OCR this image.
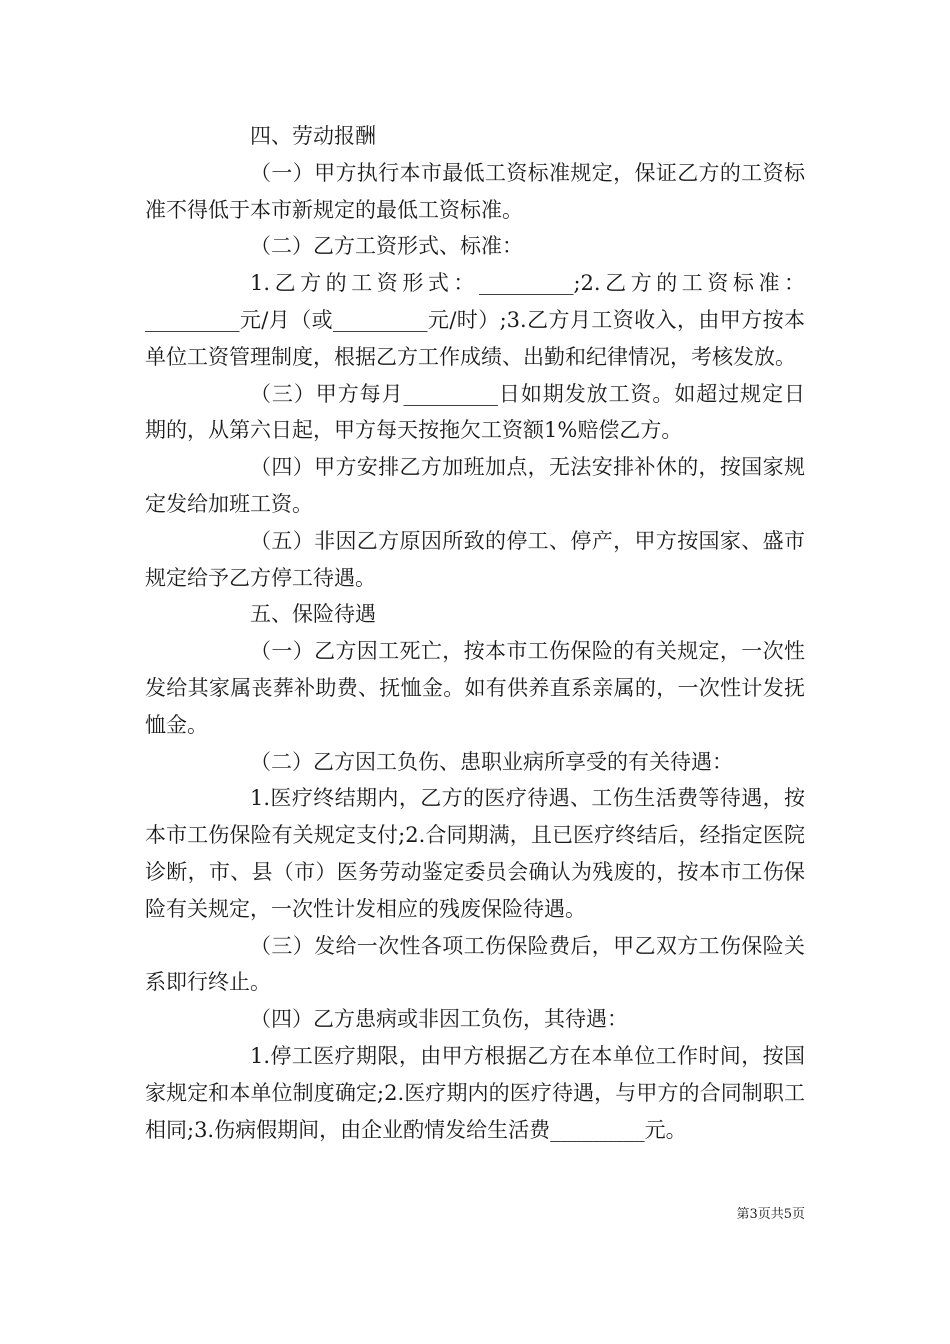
四、劳动报酬

（一）甲方执行本市最低工资标准规定，保证乙方的工资标准不得低于本市新规定的最低工资标准。

（二）乙方工资形式、标准：

1.乙方的工资形式：_________;2.乙方的工资标准：_________元/月（或_________元/时）;3.乙方月工资收入，由甲方按本单位工资管理制度，根据乙方工作成绩、出勤和纪律情况，考核发放。

（三）甲方每月_________日如期发放工资。如超过规定日期的，从第六日起，甲方每天按拖欠工资额1%赔偿乙方。

（四）甲方安排乙方加班加点，无法安排补休的，按国家规定发给加班工资。

（五）非因乙方原因所致的停工、停产，甲方按国家、盛市规定给予乙方停工待遇。

五、保险待遇

（一）乙方因工死亡，按本市工伤保险的有关规定，一次性发给其家属丧葬补助费、抚恤金。如有供养直系亲属的，一次性计发抚恤金。

（二）乙方因工负伤、患职业病所享受的有关待遇：

1.医疗终结期内，乙方的医疗待遇、工伤生活费等待遇，按本市工伤保险有关规定支付;2.合同期满，且已医疗终结后，经指定医院诊断，市、县（市）医务劳动鉴定委员会确认为残废的，按本市工伤保险有关规定，一次性计发相应的残废保险待遇。

（三）发给一次性各项工伤保险费后，甲乙双方工伤保险关系即行终止。

（四）乙方患病或非因工负伤，其待遇：

1.停工医疗期限，由甲方根据乙方在本单位工作时间，按国家规定和本单位制度确定;2.医疗期内的医疗待遇，与甲方的合同制职工相同;3.伤病假期间，由企业酌情发给生活费_________元。

第3页共5页
